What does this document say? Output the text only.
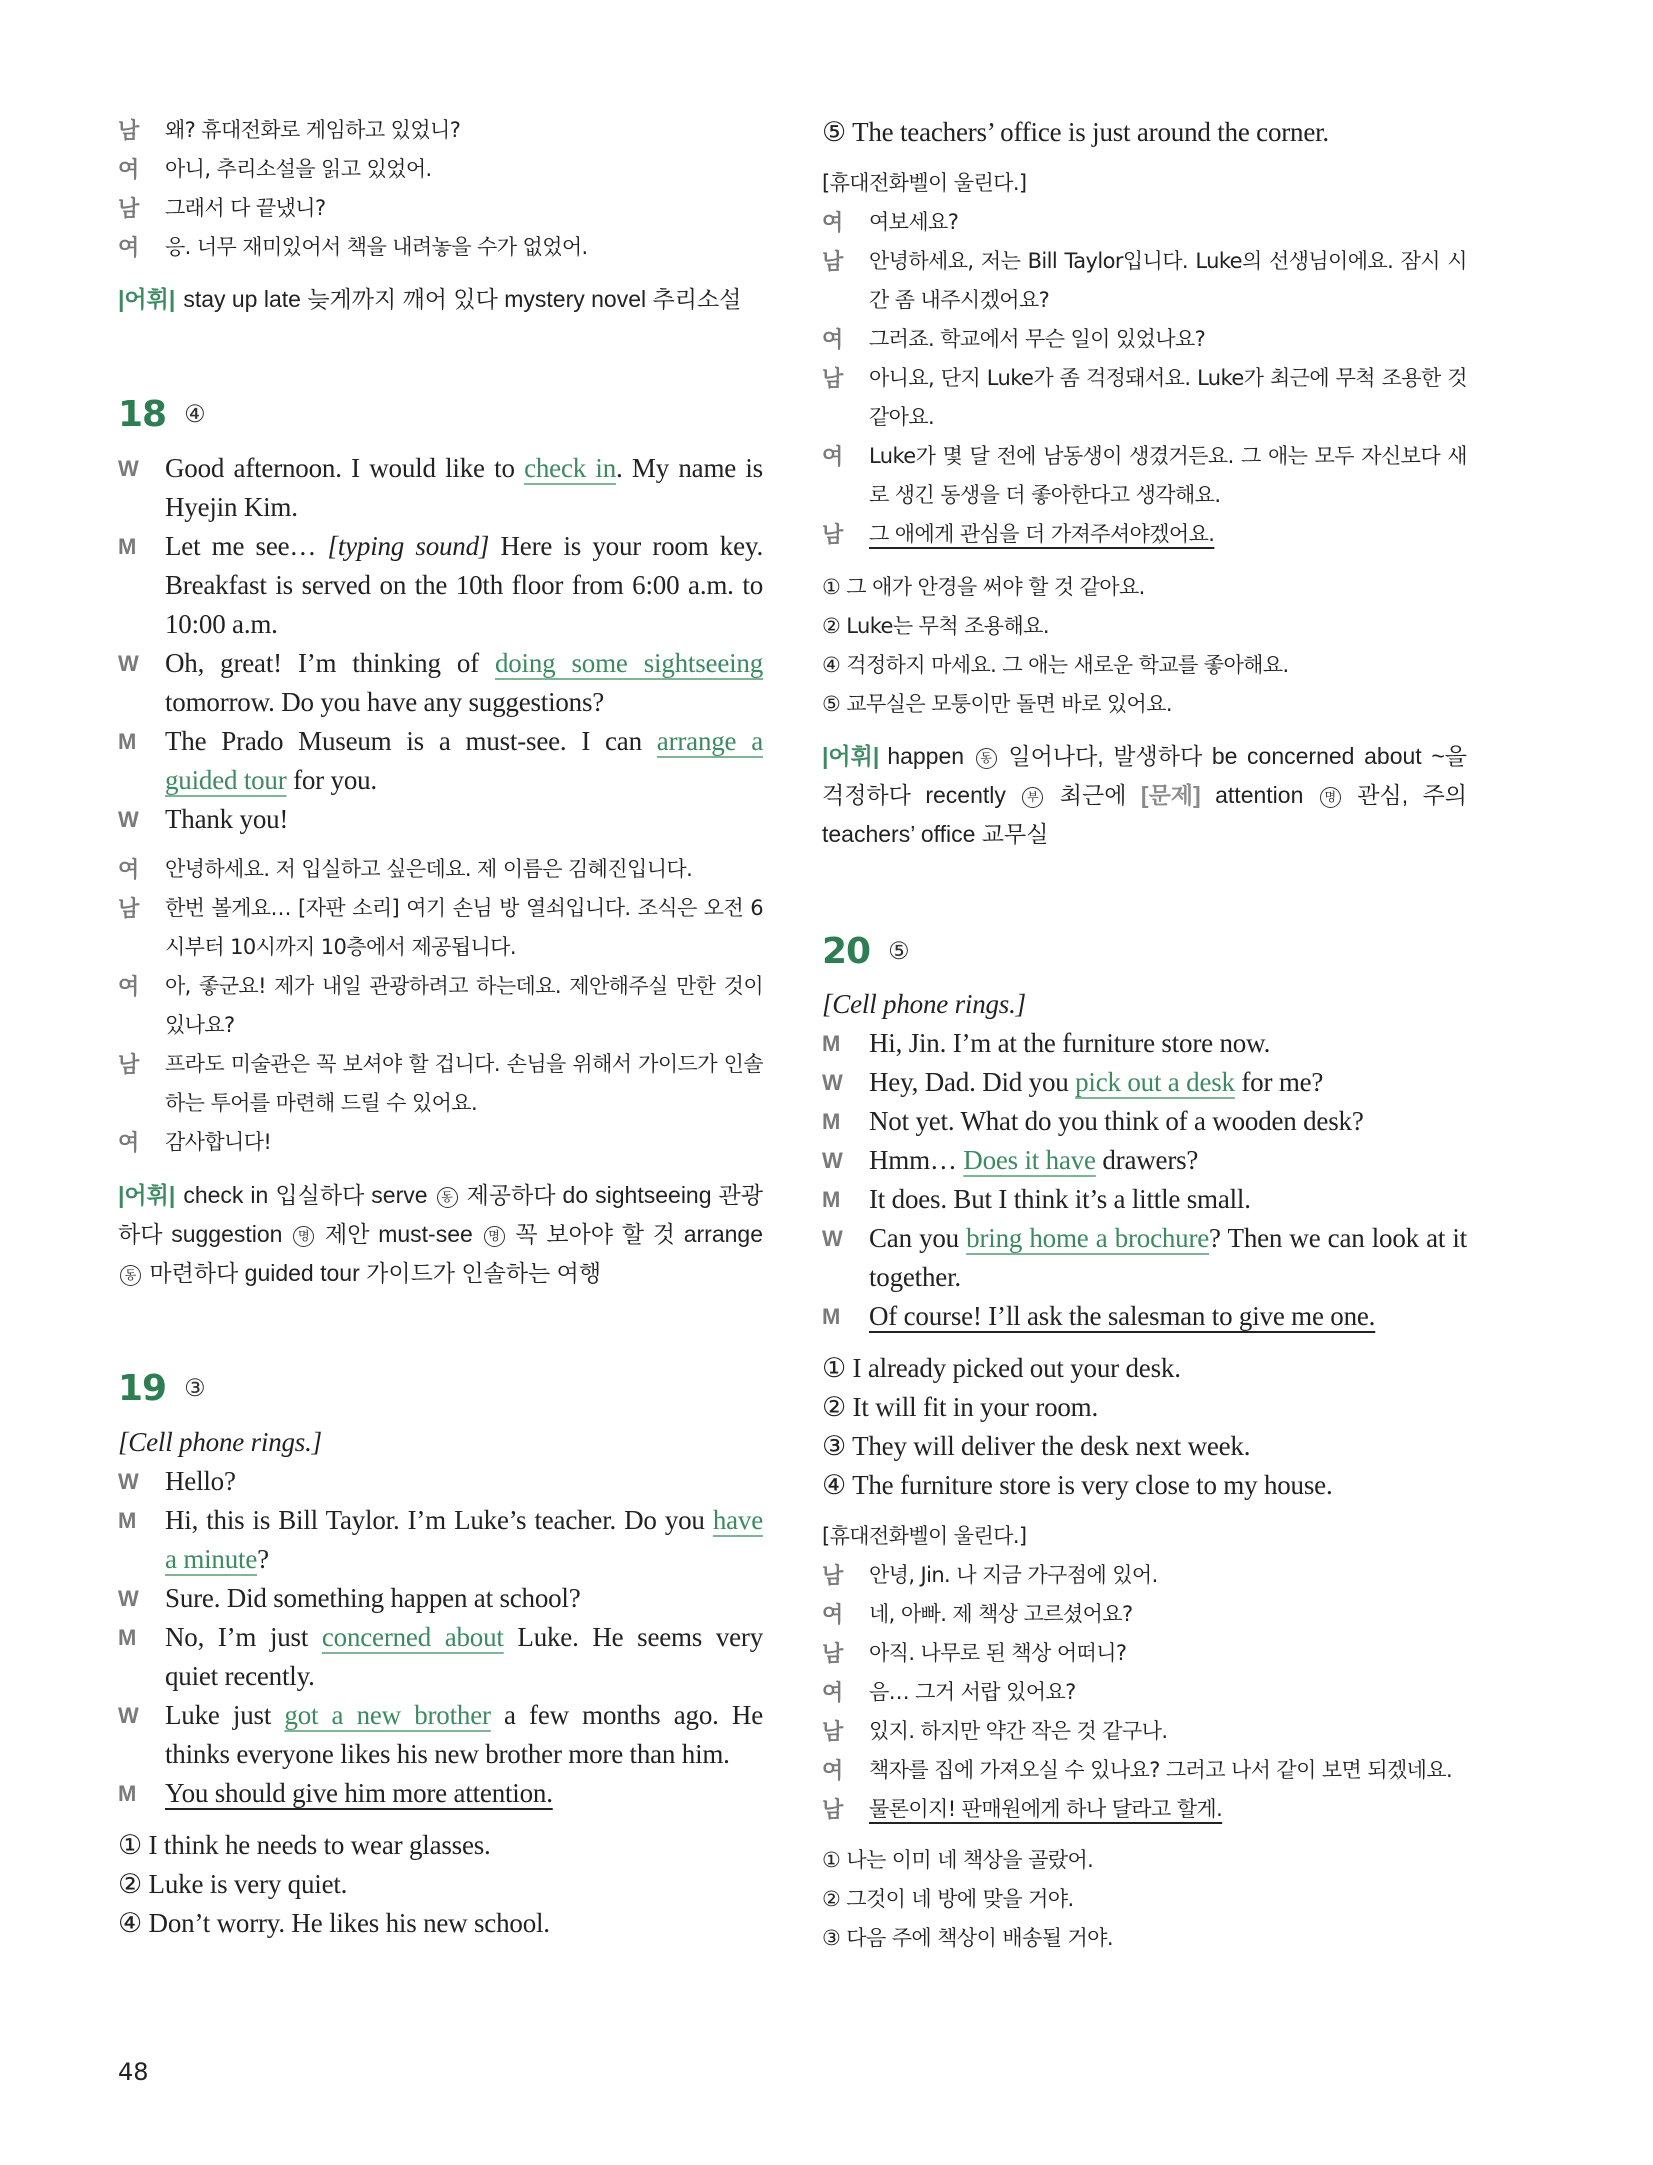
남	왜? 휴대전화로 게임하고 있었니?
여	아니, 추리소설을 읽고 있었어.
남	그래서 다 끝냈니?
여	응. 너무 재미있어서 책을 내려놓을 수가 없었어.
|어휘| stay up late 늦게까지 깨어 있다 mystery novel 추리소설
18 ④
W Good afternoon. I would like to check in. My name is Hyejin Kim.
M	Let me see… [typing sound] Here is your room key. Breakfast is served on the 10th floor from 6:00 a.m. to 10:00 a.m.
W Oh, great! I’m thinking of doing some sightseeing tomorrow. Do you have any suggestions?
M	The Prado Museum is a must-see. I can arrange a guided tour for you.
W Thank you!
여	안녕하세요. 저 입실하고 싶은데요. 제 이름은 김혜진입니다.
남	한번 볼게요… [자판 소리] 여기 손님 방 열쇠입니다. 조식은 오전 6시부터 10시까지 10층에서 제공됩니다.
여	아, 좋군요! 제가 내일 관광하려고 하는데요. 제안해주실 만한 것이 있나요?
남	프라도 미술관은 꼭 보셔야 할 겁니다. 손님을 위해서 가이드가 인솔하는 투어를 마련해 드릴 수 있어요.
여	감사합니다!
|어휘| check in 입실하다 serve 동 제공하다 do sightseeing 관광하다 suggestion 명 제안 must-see 명 꼭 보아야 할 것 arrange 동 마련하다 guided tour 가이드가 인솔하는 여행
19 ③
[Cell phone rings.]
W Hello?
M	Hi, this is Bill Taylor. I’m Luke’s teacher. Do you have a minute?
W Sure. Did something happen at school?
M	No, I’m just concerned about Luke. He seems very quiet recently.
W Luke just got a new brother a few months ago. He thinks everyone likes his new brother more than him.
M	You should give him more attention.
① I think he needs to wear glasses.
② Luke is very quiet.
④ Don’t worry. He likes his new school.
⑤ The teachers’ office is just around the corner.
[휴대전화벨이 울린다.]
여	여보세요?
남	안녕하세요, 저는 Bill Taylor입니다. Luke의 선생님이에요. 잠시 시간 좀 내주시겠어요?
여	그러죠. 학교에서 무슨 일이 있었나요?
남	아니요, 단지 Luke가 좀 걱정돼서요. Luke가 최근에 무척 조용한 것 같아요.
여	Luke가 몇 달 전에 남동생이 생겼거든요. 그 애는 모두 자신보다 새로 생긴 동생을 더 좋아한다고 생각해요.
남	그 애에게 관심을 더 가져주셔야겠어요.
① 그 애가 안경을 써야 할 것 같아요.
② Luke는 무척 조용해요.
④ 걱정하지 마세요. 그 애는 새로운 학교를 좋아해요.
⑤ 교무실은 모퉁이만 돌면 바로 있어요.
|어휘| happen 동 일어나다, 발생하다 be concerned about ~을 걱정하다 recently 부 최근에 [문제] attention 명 관심, 주의 teachers’ office 교무실
20 ⑤
[Cell phone rings.]
M	Hi, Jin. I’m at the furniture store now.
W Hey, Dad. Did you pick out a desk for me?
M	Not yet. What do you think of a wooden desk?
W Hmm… Does it have drawers?
M	It does. But I think it’s a little small.
W Can you bring home a brochure? Then we can look at it together.
M	Of course! I’ll ask the salesman to give me one.
① I already picked out your desk.
② It will fit in your room.
③ They will deliver the desk next week.
④ The furniture store is very close to my house.
[휴대전화벨이 울린다.]
남	안녕, Jin. 나 지금 가구점에 있어.
여	네, 아빠. 제 책상 고르셨어요?
남	아직. 나무로 된 책상 어떠니?
여	음… 그거 서랍 있어요?
남	있지. 하지만 약간 작은 것 같구나.
여	책자를 집에 가져오실 수 있나요? 그러고 나서 같이 보면 되겠네요.
남	물론이지! 판매원에게 하나 달라고 할게.
① 나는 이미 네 책상을 골랐어.
② 그것이 네 방에 맞을 거야.
③ 다음 주에 책상이 배송될 거야.
48
